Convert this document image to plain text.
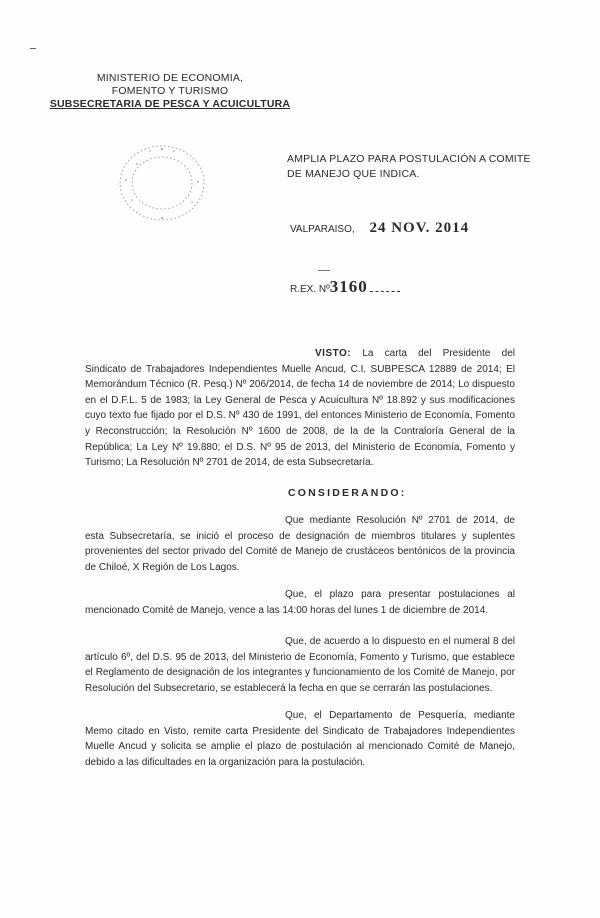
MINISTERIO DE ECONOMIA,
FOMENTO Y TURISMO
SUBSECRETARIA DE PESCA Y ACUICULTURA
AMPLIA PLAZO PARA POSTULACIÓN A COMITE DE MANEJO QUE INDICA.
VALPARAISO, 24 NOV. 2014
R.EX. Nº3160
VISTO: La carta del Presidente del Sindicato de Trabajadores Independientes Muelle Ancud, C.I. SUBPESCA 12889 de 2014; El Memorándum Técnico (R. Pesq.) Nº 206/2014, de fecha 14 de noviembre de 2014; Lo dispuesto en el D.F.L. 5 de 1983; la Ley General de Pesca y Acuicultura Nº 18.892 y sus modificaciones cuyo texto fue fijado por el D.S. Nº 430 de 1991, del entonces Ministerio de Economía, Fomento y Reconstrucción; la Resolución Nº 1600 de 2008, de la de la Contraloría General de la República; La Ley Nº 19.880; el D.S. Nº 95 de 2013, del Ministerio de Economía, Fomento y Turismo; La Resolución Nº 2701 de 2014, de esta Subsecretaría.
CONSIDERANDO:
Que mediante Resolución Nº 2701 de 2014, de esta Subsecretaría, se inició el proceso de designación de miembros titulares y suplentes provenientes del sector privado del Comité de Manejo de crustáceos bentónicos de la provincia de Chiloé, X Región de Los Lagos.
Que, el plazo para presentar postulaciones al mencionado Comité de Manejo, vence a las 14:00 horas del lunes 1 de diciembre de 2014.
Que, de acuerdo a lo dispuesto en el numeral 8 del artículo 6º, del D.S. 95 de 2013, del Ministerio de Economía, Fomento y Turismo, que establece el Reglamento de designación de los integrantes y funcionamiento de los Comité de Manejo, por Resolución del Subsecretario, se establecerá la fecha en que se cerrarán las postulaciones.
Que, el Departamento de Pesquería, mediante Memo citado en Visto, remite carta Presidente del Sindicato de Trabajadores Independientes Muelle Ancud y solicita se amplie el plazo de postulación al mencionado Comité de Manejo, debido a las dificultades en la organización para la postulación.
